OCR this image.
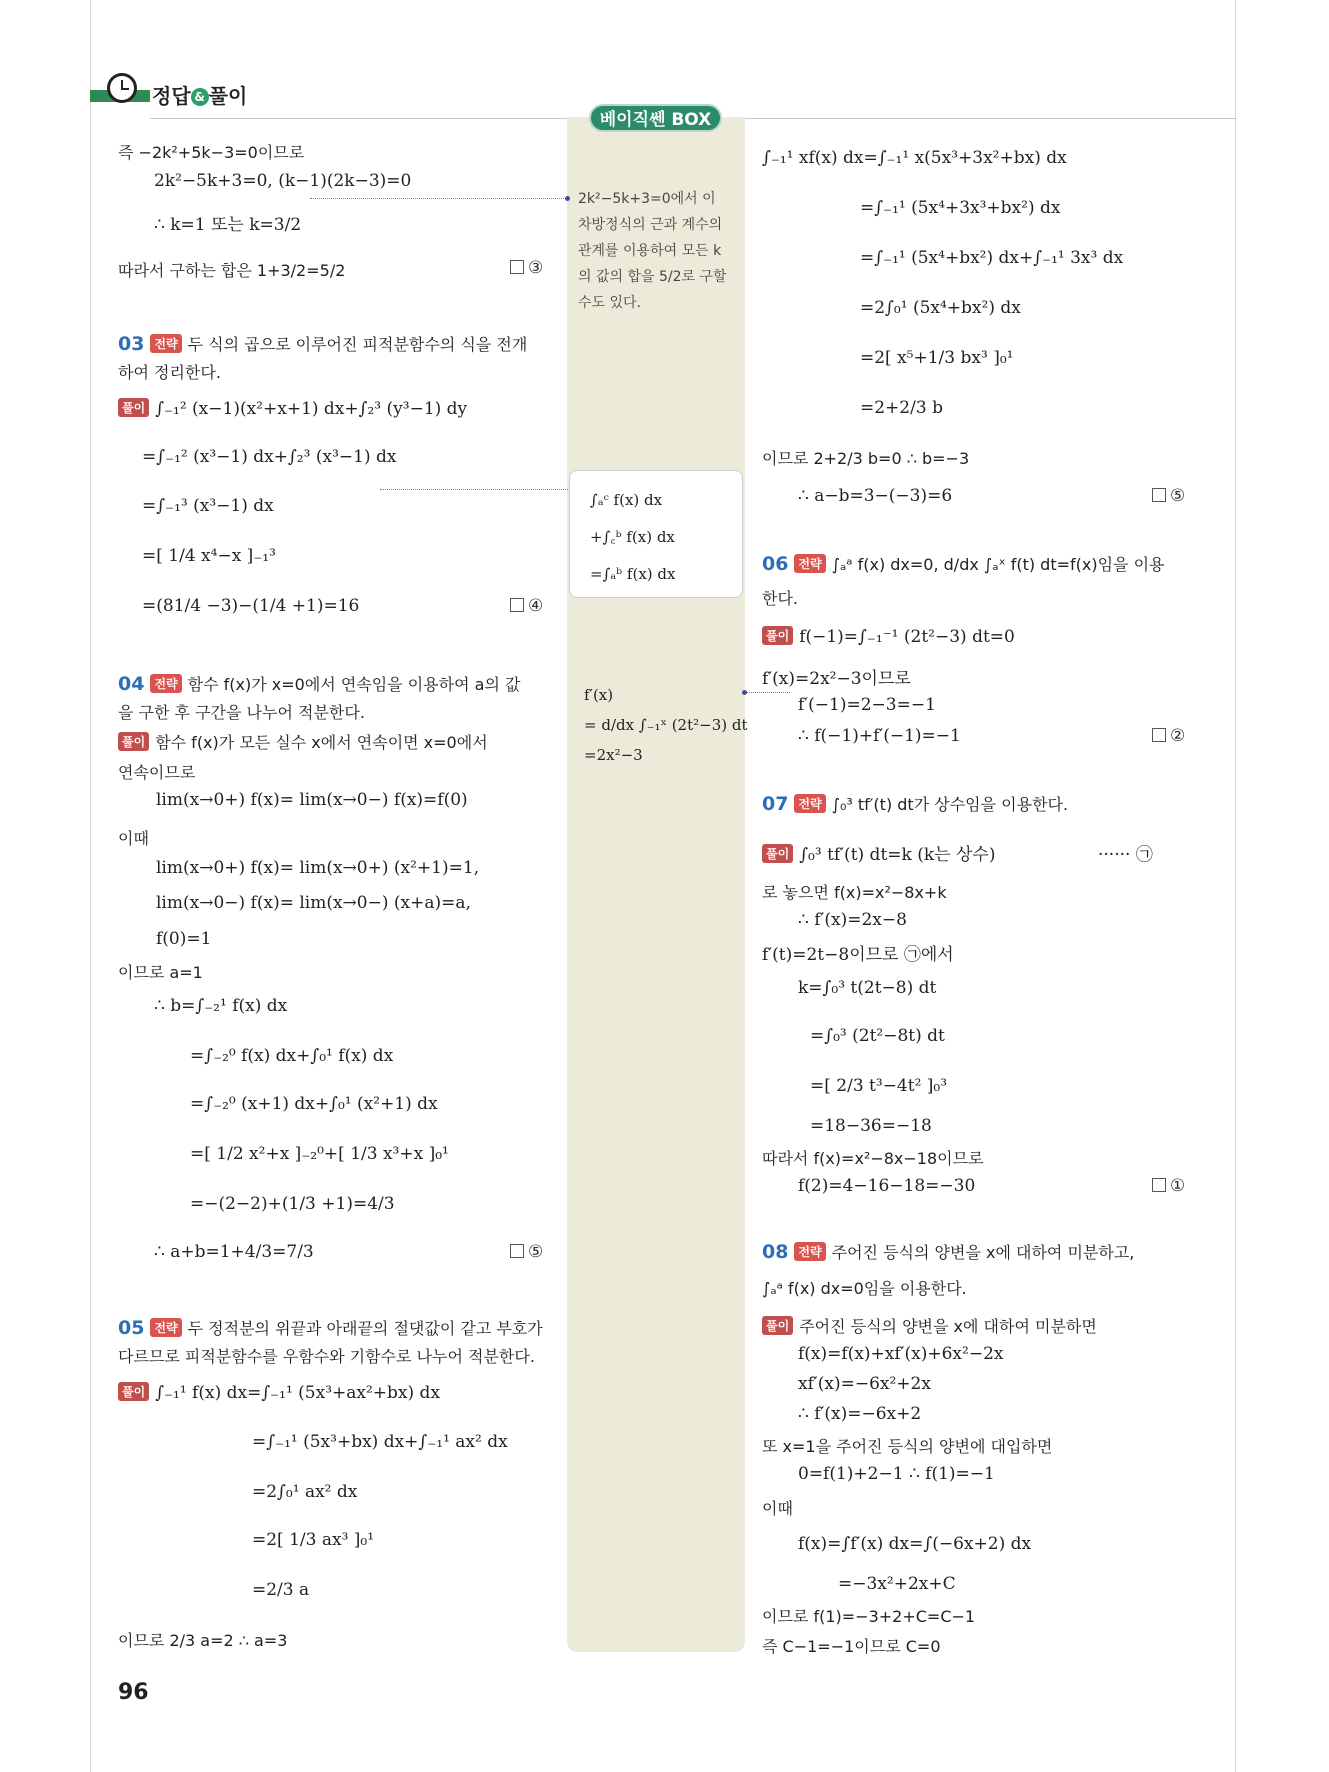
정답 & 풀이
베이직쎈 BOX
2k²−5k+3=0에서 이
차방정식의 근과 계수의
관계를 이용하여 모든 k
의 값의 합을 5/2로 구할
수도 있다.
∫ₐᶜ f(x) dx
+∫꜀ᵇ f(x) dx
=∫ₐᵇ f(x) dx
f′(x)
= d/dx ∫₋₁ˣ (2t²−3) dt
=2x²−3
즉 −2k²+5k−3=0이므로
2k²−5k+3=0, (k−1)(2k−3)=0
∴ k=1 또는 k=3/2
따라서 구하는 합은 1+3/2=5/2	③
03 전략 두 식의 곱으로 이루어진 피적분함수의 식을 전개
하여 정리한다.
풀이 ∫₋₁² (x−1)(x²+x+1) dx+∫₂³ (y³−1) dy
=∫₋₁² (x³−1) dx+∫₂³ (x³−1) dx
=∫₋₁³ (x³−1) dx
=[ 1/4 x⁴−x ]₋₁³
=(81/4 −3)−(1/4 +1)=16	④
04 전략 함수 f(x)가 x=0에서 연속임을 이용하여 a의 값
을 구한 후 구간을 나누어 적분한다.
풀이 함수 f(x)가 모든 실수 x에서 연속이면 x=0에서
연속이므로
lim(x→0+) f(x)= lim(x→0−) f(x)=f(0)
이때
lim(x→0+) f(x)= lim(x→0+) (x²+1)=1,
lim(x→0−) f(x)= lim(x→0−) (x+a)=a,
f(0)=1
이므로 a=1
∴ b=∫₋₂¹ f(x) dx
=∫₋₂⁰ f(x) dx+∫₀¹ f(x) dx
=∫₋₂⁰ (x+1) dx+∫₀¹ (x²+1) dx
=[ 1/2 x²+x ]₋₂⁰+[ 1/3 x³+x ]₀¹
=−(2−2)+(1/3 +1)=4/3
∴ a+b=1+4/3=7/3	⑤
05 전략 두 정적분의 위끝과 아래끝의 절댓값이 같고 부호가
다르므로 피적분함수를 우함수와 기함수로 나누어 적분한다.
풀이 ∫₋₁¹ f(x) dx=∫₋₁¹ (5x³+ax²+bx) dx
=∫₋₁¹ (5x³+bx) dx+∫₋₁¹ ax² dx
=2∫₀¹ ax² dx
=2[ 1/3 ax³ ]₀¹
=2/3 a
이므로 2/3 a=2 ∴ a=3
∫₋₁¹ xf(x) dx=∫₋₁¹ x(5x³+3x²+bx) dx
=∫₋₁¹ (5x⁴+3x³+bx²) dx
=∫₋₁¹ (5x⁴+bx²) dx+∫₋₁¹ 3x³ dx
=2∫₀¹ (5x⁴+bx²) dx
=2[ x⁵+1/3 bx³ ]₀¹
=2+2/3 b
이므로 2+2/3 b=0 ∴ b=−3
∴ a−b=3−(−3)=6	⑤
06 전략 ∫ₐᵃ f(x) dx=0, d/dx ∫ₐˣ f(t) dt=f(x)임을 이용
한다.
풀이 f(−1)=∫₋₁⁻¹ (2t²−3) dt=0
f′(x)=2x²−3이므로
f′(−1)=2−3=−1
∴ f(−1)+f′(−1)=−1	②
07 전략 ∫₀³ tf′(t) dt가 상수임을 이용한다.
풀이 ∫₀³ tf′(t) dt=k (k는 상수)	······ ㉠
로 놓으면 f(x)=x²−8x+k
∴ f′(x)=2x−8
f′(t)=2t−8이므로 ㉠에서
k=∫₀³ t(2t−8) dt
=∫₀³ (2t²−8t) dt
=[ 2/3 t³−4t² ]₀³
=18−36=−18
따라서 f(x)=x²−8x−18이므로
f(2)=4−16−18=−30	①
08 전략 주어진 등식의 양변을 x에 대하여 미분하고,
∫ₐᵃ f(x) dx=0임을 이용한다.
풀이 주어진 등식의 양변을 x에 대하여 미분하면
f(x)=f(x)+xf′(x)+6x²−2x
xf′(x)=−6x²+2x
∴ f′(x)=−6x+2
또 x=1을 주어진 등식의 양변에 대입하면
0=f(1)+2−1 ∴ f(1)=−1
이때
f(x)=∫f′(x) dx=∫(−6x+2) dx
=−3x²+2x+C
이므로 f(1)=−3+2+C=C−1
즉 C−1=−1이므로 C=0
96
